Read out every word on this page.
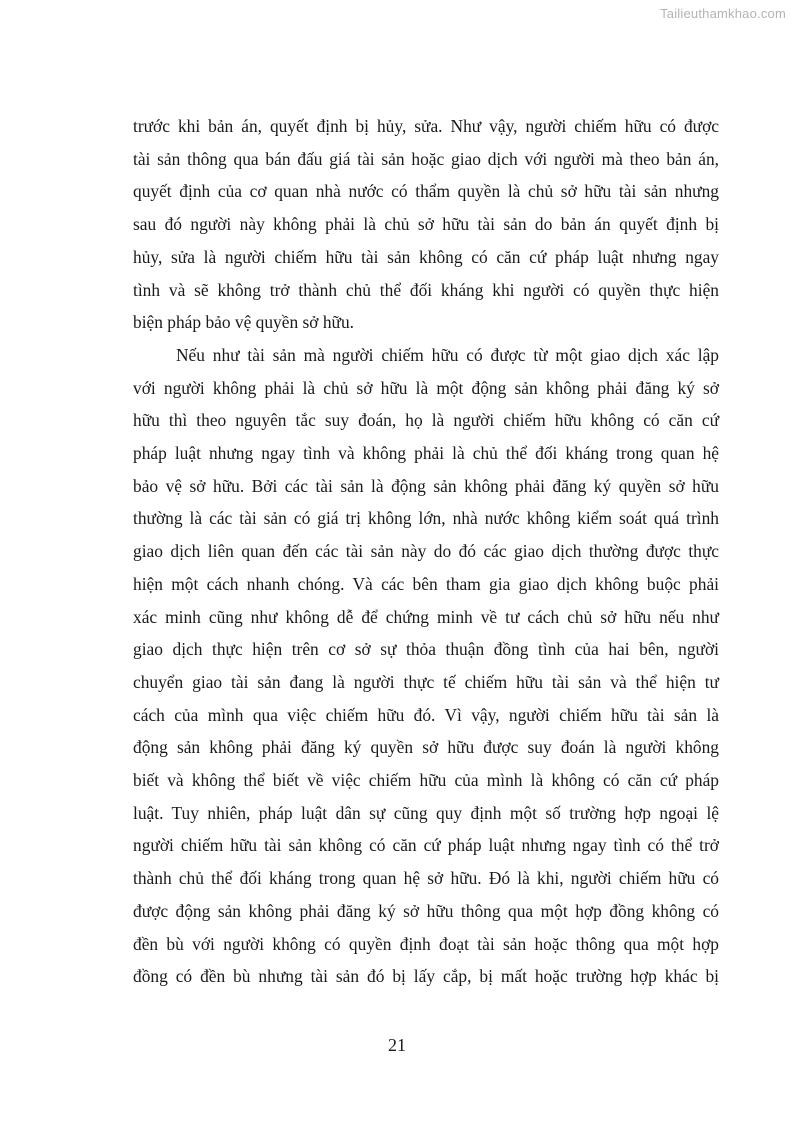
Tailieuthamkhao.com
trước khi bản án, quyết định bị hủy, sửa. Như vậy, người chiếm hữu có được
tài sản thông qua bán đấu giá tài sản hoặc giao dịch với người mà theo bản án,
quyết định của cơ quan nhà nước có thẩm quyền là chủ sở hữu tài sản nhưng
sau đó người này không phải là chủ sở hữu tài sản do bản án quyết định bị
hủy, sửa là người chiếm hữu tài sản không có căn cứ pháp luật nhưng ngay
tình và sẽ không trở thành chủ thể đối kháng khi người có quyền thực hiện
biện pháp bảo vệ quyền sở hữu.
Nếu như tài sản mà người chiếm hữu có được từ một giao dịch xác lập
với người không phải là chủ sở hữu là một động sản không phải đăng ký sở
hữu thì theo nguyên tắc suy đoán, họ là người chiếm hữu không có căn cứ
pháp luật nhưng ngay tình và không phải là chủ thể đối kháng trong quan hệ
bảo vệ sở hữu. Bởi các tài sản là động sản không phải đăng ký quyền sở hữu
thường là các tài sản có giá trị không lớn, nhà nước không kiểm soát quá trình
giao dịch liên quan đến các tài sản này do đó các giao dịch thường được thực
hiện một cách nhanh chóng. Và các bên tham gia giao dịch không buộc phải
xác minh cũng như không dễ để chứng minh về tư cách chủ sở hữu nếu như
giao dịch thực hiện trên cơ sở sự thỏa thuận đồng tình của hai bên, người
chuyển giao tài sản đang là người thực tế chiếm hữu tài sản và thể hiện tư
cách của mình qua việc chiếm hữu đó. Vì vậy, người chiếm hữu tài sản là
động sản không phải đăng ký quyền sở hữu được suy đoán là người không
biết và không thể biết về việc chiếm hữu của mình là không có căn cứ pháp
luật. Tuy nhiên, pháp luật dân sự cũng quy định một số trường hợp ngoại lệ
người chiếm hữu tài sản không có căn cứ pháp luật nhưng ngay tình có thể trở
thành chủ thể đối kháng trong quan hệ sở hữu. Đó là khi, người chiếm hữu có
được động sản không phải đăng ký sở hữu thông qua một hợp đồng không có
đền bù với người không có quyền định đoạt tài sản hoặc thông qua một hợp
đồng có đền bù nhưng tài sản đó bị lấy cắp, bị mất hoặc trường hợp khác bị
21
